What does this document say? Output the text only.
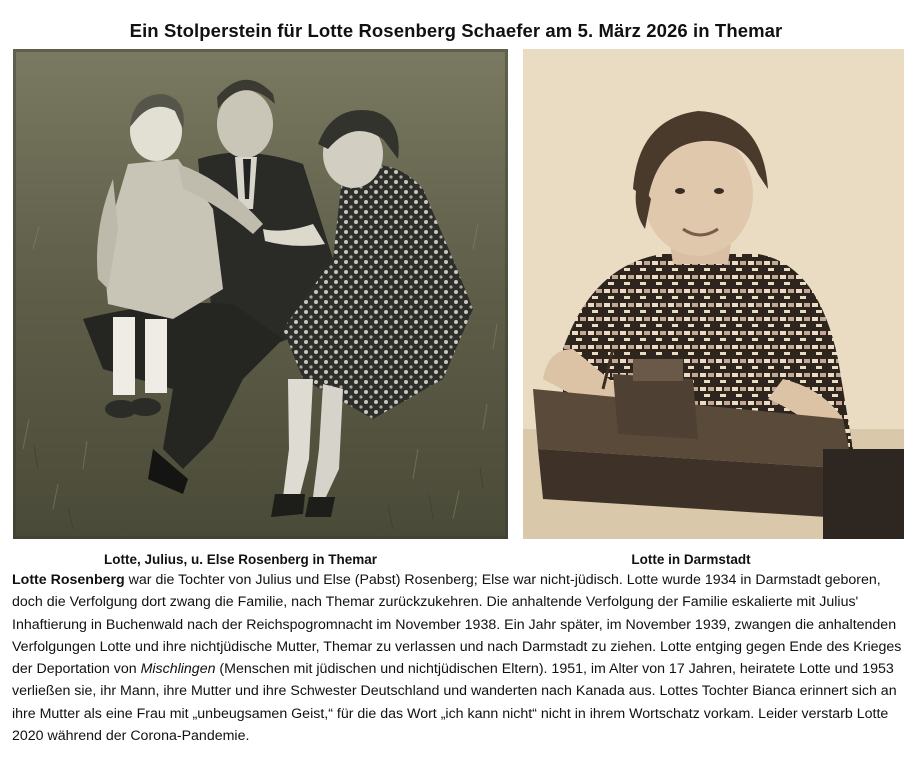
Ein Stolperstein für Lotte Rosenberg Schaefer am 5. März 2026 in Themar
Lotte, Julius, u. Else Rosenberg in Themar	Lotte in Darmstadt
Lotte Rosenberg war die Tochter von Julius und Else (Pabst) Rosenberg; Else war nicht-jüdisch. Lotte wurde 1934 in Darmstadt geboren, doch die Verfolgung dort zwang die Familie, nach Themar zurückzukehren. Die anhaltende Verfolgung der Familie eskalierte mit Julius' Inhaftierung in Buchenwald nach der Reichspogromnacht im November 1938. Ein Jahr später, im November 1939, zwangen die anhaltenden Verfolgungen Lotte und ihre nichtjüdische Mutter, Themar zu verlassen und nach Darmstadt zu ziehen. Lotte entging gegen Ende des Krieges der Deportation von Mischlingen (Menschen mit jüdischen und nichtjüdischen Eltern). 1951, im Alter von 17 Jahren, heiratete Lotte und 1953 verließen sie, ihr Mann, ihre Mutter und ihre Schwester Deutschland und wanderten nach Kanada aus. Lottes Tochter Bianca erinnert sich an ihre Mutter als eine Frau mit „unbeugsamen Geist,“ für die das Wort „ich kann nicht“ nicht in ihrem Wortschatz vorkam. Leider verstarb Lotte 2020 während der Corona-Pandemie.
